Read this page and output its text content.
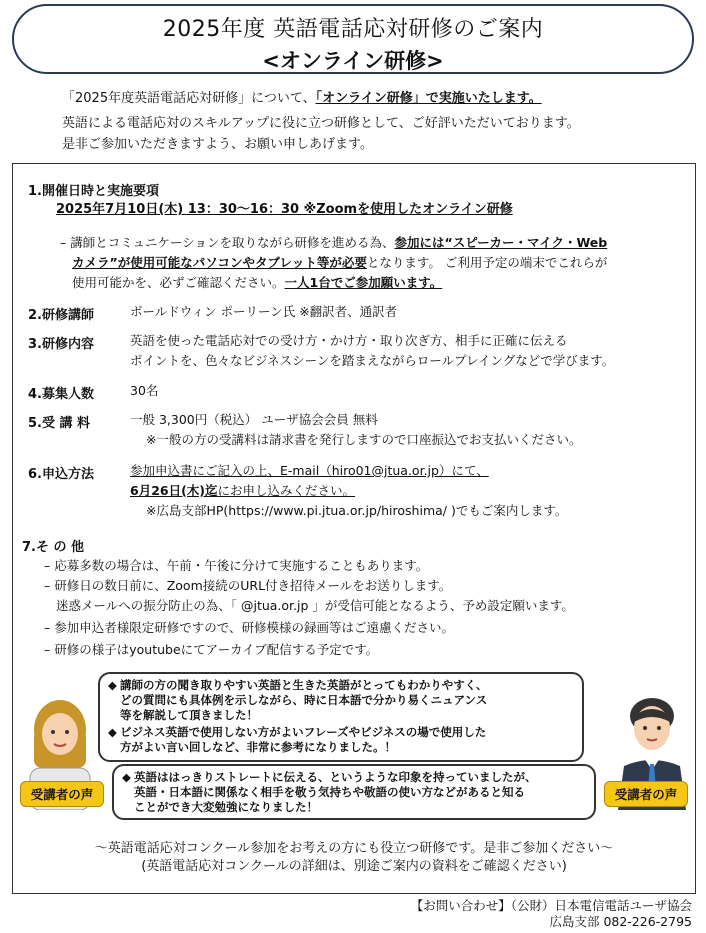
2025年度 英語電話応対研修のご案内
<オンライン研修>
「2025年度英語電話応対研修」について、「オンライン研修」で実施いたします。
英語による電話応対のスキルアップに役に立つ研修として、ご好評いただいております。
是非ご参加いただきますよう、お願い申しあげます。
1.開催日時と実施要項
2025年7月10日(木) 13：30〜16：30 ※Zoomを使用したオンライン研修
– 講師とコミュニケーションを取りながら研修を進める為、参加には“スピーカー・マイク・Web
カメラ”が使用可能なパソコンやタブレット等が必要となります。 ご利用予定の端末でこれらが
使用可能かを、必ずご確認ください。一人1台でご参加願います。
2.研修講師	ボールドウィン ポーリーン氏 ※翻訳者、通訳者
3.研修内容	英語を使った電話応対での受け方・かけ方・取り次ぎ方、相手に正確に伝える
ポイントを、色々なビジネスシーンを踏まえながらロールプレイングなどで学びます。
4.募集人数	30名
5.受 講 料	一般 3,300円（税込） ユーザ協会会員 無料
※一般の方の受講料は請求書を発行しますので口座振込でお支払いください。
6.申込方法	参加申込書にご記入の上、E-mail（hiro01@jtua.or.jp）にて、
6月26日(木)迄にお申し込みください。
※広島支部HP(https://www.pi.jtua.or.jp/hiroshima/ )でもご案内します。
7.そ の 他
– 応募多数の場合は、午前・午後に分けて実施することもあります。
– 研修日の数日前に、Zoom接続のURL付き招待メールをお送りします。
迷惑メールへの振分防止の為、「 @jtua.or.jp 」が受信可能となるよう、予め設定願います。
– 参加申込者様限定研修ですので、研修模様の録画等はご遠慮ください。
– 研修の様子はyoutubeにてアーカイブ配信する予定です。
受講者の声	受講者の声
◆ 講師の方の聞き取りやすい英語と生きた英語がとってもわかりやすく、
どの質問にも具体例を示しながら、時に日本語で分かり易くニュアンス
等を解説して頂きました！
◆ ビジネス英語で使用しない方がよいフレーズやビジネスの場で使用した
方がよい言い回しなど、非常に参考になりました。！
◆ 英語ははっきりストレートに伝える、というような印象を持っていましたが、
英語・日本語に関係なく相手を敬う気持ちや敬語の使い方などがあると知る
ことができ大変勉強になりました！
〜英語電話応対コンクール参加をお考えの方にも役立つ研修です。是非ご参加ください〜
(英語電話応対コンクールの詳細は、別途ご案内の資料をご確認ください)
【お問い合わせ】（公財）日本電信電話ユーザ協会
広島支部 082-226-2795
